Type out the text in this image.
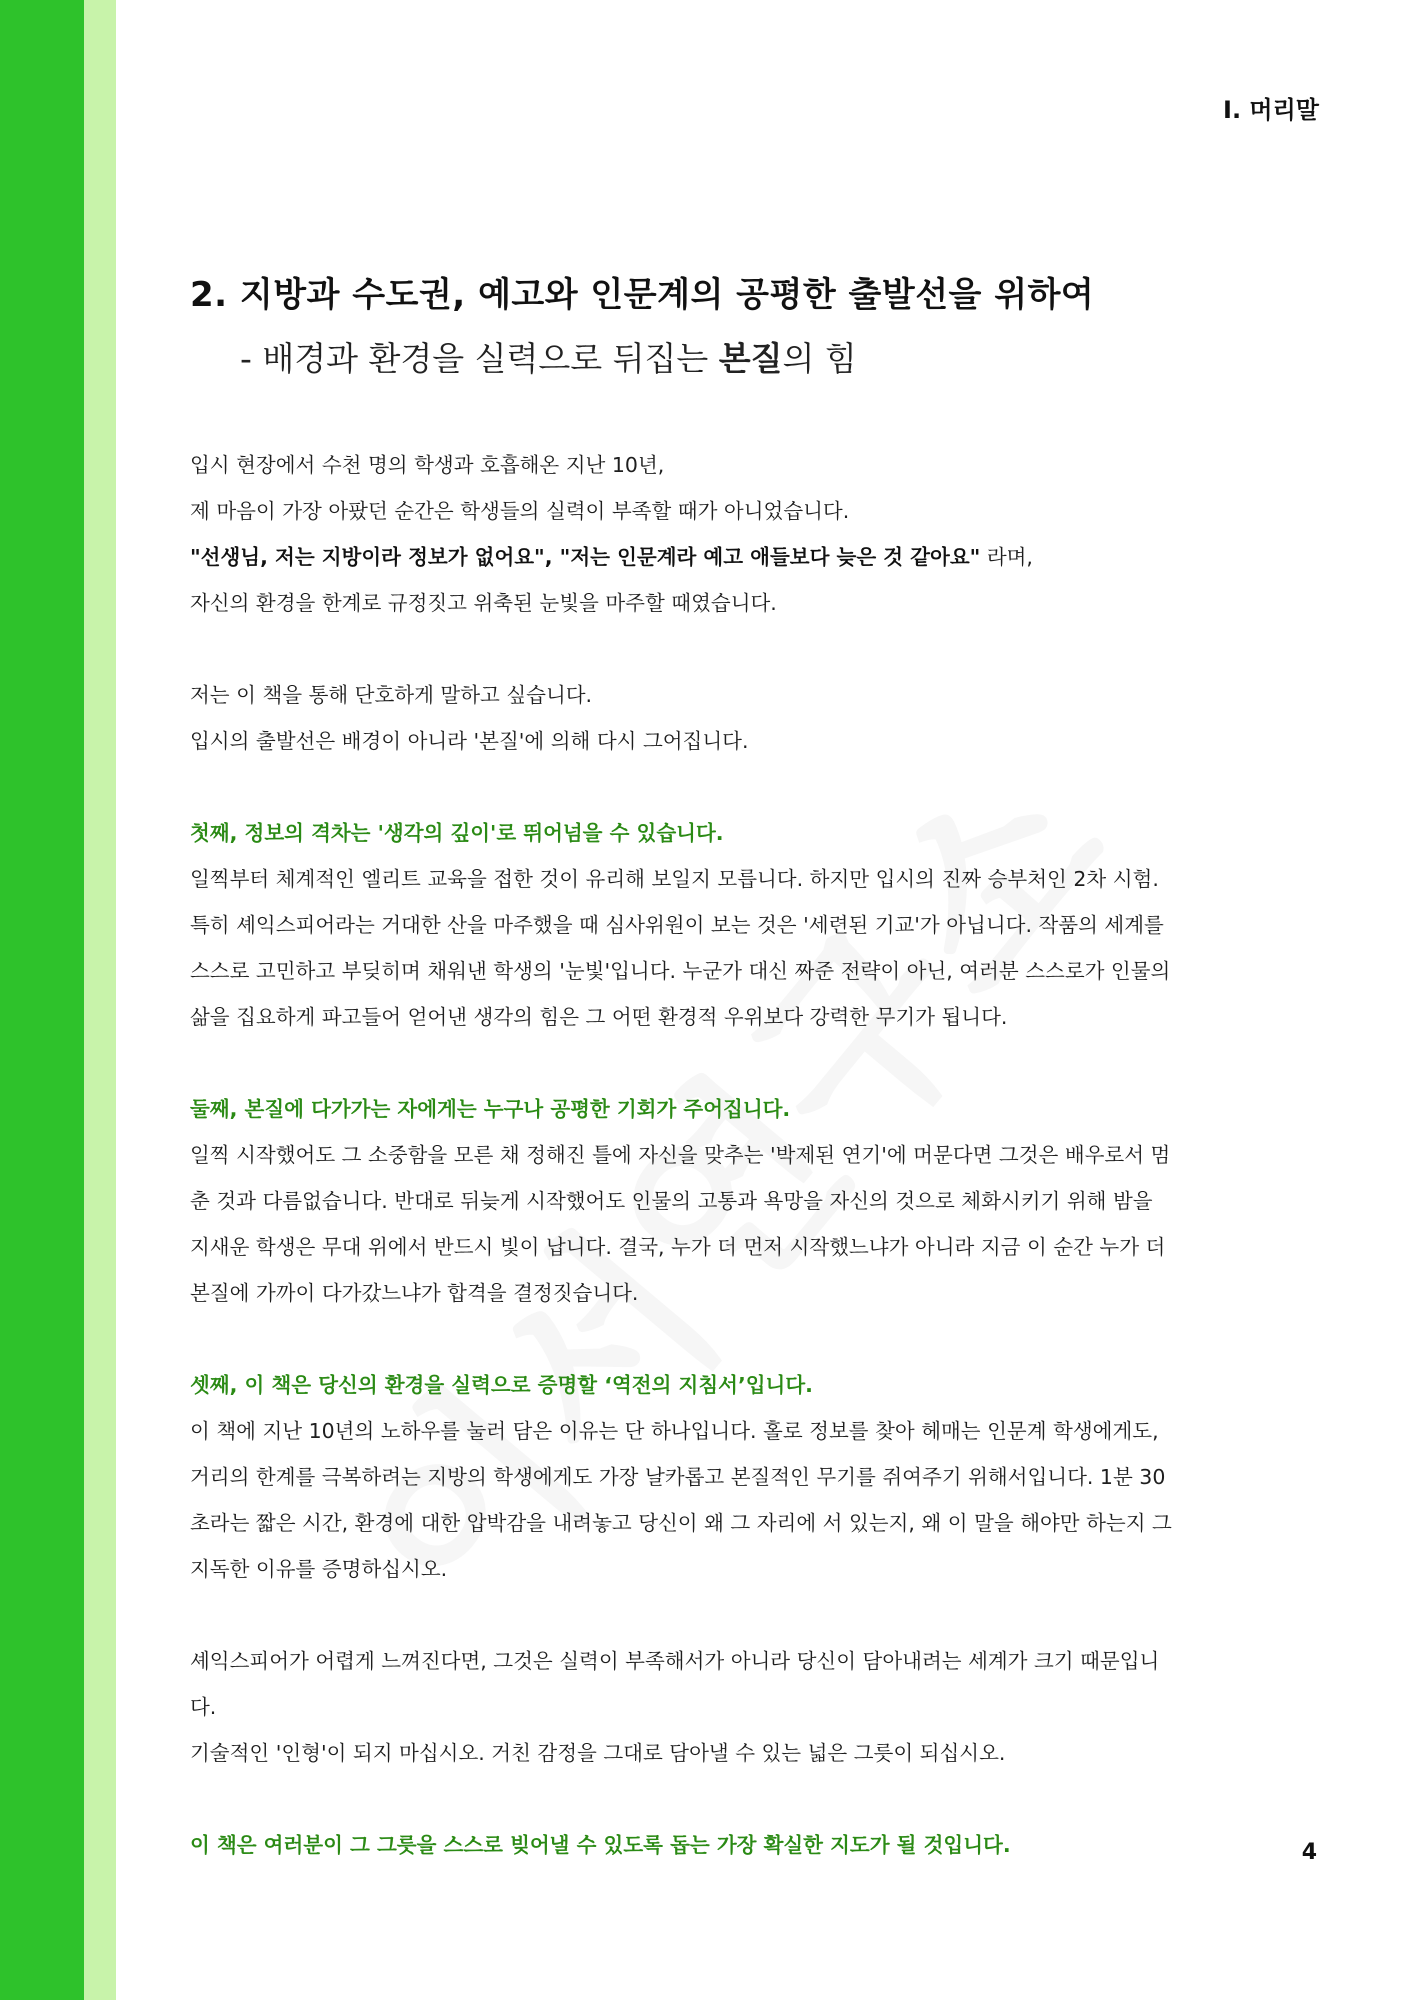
Ⅰ. 머리말
2. 지방과 수도권, 예고와 인문계의 공평한 출발선을 위하여
- 배경과 환경을 실력으로 뒤집는 본질의 힘

입시 현장에서 수천 명의 학생과 호흡해온 지난 10년,

제 마음이 가장 아팠던 순간은 학생들의 실력이 부족할 때가 아니었습니다.

"선생님, 저는 지방이라 정보가 없어요", "저는 인문계라 예고 애들보다 늦은 것 같아요" 라며,

자신의 환경을 한계로 규정짓고 위축된 눈빛을 마주할 때였습니다.

저는 이 책을 통해 단호하게 말하고 싶습니다.

입시의 출발선은 배경이 아니라 '본질'에 의해 다시 그어집니다.

첫째, 정보의 격차는 '생각의 깊이'로 뛰어넘을 수 있습니다.

일찍부터 체계적인 엘리트 교육을 접한 것이 유리해 보일지 모릅니다. 하지만 입시의 진짜 승부처인 2차 시험.

특히 셰익스피어라는 거대한 산을 마주했을 때 심사위원이 보는 것은 '세련된 기교'가 아닙니다. 작품의 세계를

스스로 고민하고 부딪히며 채워낸 학생의 '눈빛'입니다. 누군가 대신 짜준 전략이 아닌, 여러분 스스로가 인물의

삶을 집요하게 파고들어 얻어낸 생각의 힘은 그 어떤 환경적 우위보다 강력한 무기가 됩니다.

둘째, 본질에 다가가는 자에게는 누구나 공평한 기회가 주어집니다.

일찍 시작했어도 그 소중함을 모른 채 정해진 틀에 자신을 맞추는 '박제된 연기'에 머문다면 그것은 배우로서 멈

춘 것과 다름없습니다. 반대로 뒤늦게 시작했어도 인물의 고통과 욕망을 자신의 것으로 체화시키기 위해 밤을

지새운 학생은 무대 위에서 반드시 빛이 납니다. 결국, 누가 더 먼저 시작했느냐가 아니라 지금 이 순간 누가 더

본질에 가까이 다가갔느냐가 합격을 결정짓습니다.

셋째, 이 책은 당신의 환경을 실력으로 증명할 ‘역전의 지침서’입니다.

이 책에 지난 10년의 노하우를 눌러 담은 이유는 단 하나입니다. 홀로 정보를 찾아 헤매는 인문계 학생에게도,

거리의 한계를 극복하려는 지방의 학생에게도 가장 날카롭고 본질적인 무기를 쥐여주기 위해서입니다. 1분 30

초라는 짧은 시간, 환경에 대한 압박감을 내려놓고 당신이 왜 그 자리에 서 있는지, 왜 이 말을 해야만 하는지 그

지독한 이유를 증명하십시오.

셰익스피어가 어렵게 느껴진다면, 그것은 실력이 부족해서가 아니라 당신이 담아내려는 세계가 크기 때문입니

다.

기술적인 '인형'이 되지 마십시오. 거친 감정을 그대로 담아낼 수 있는 넓은 그릇이 되십시오.

이 책은 여러분이 그 그릇을 스스로 빚어낼 수 있도록 돕는 가장 확실한 지도가 될 것입니다.	4
